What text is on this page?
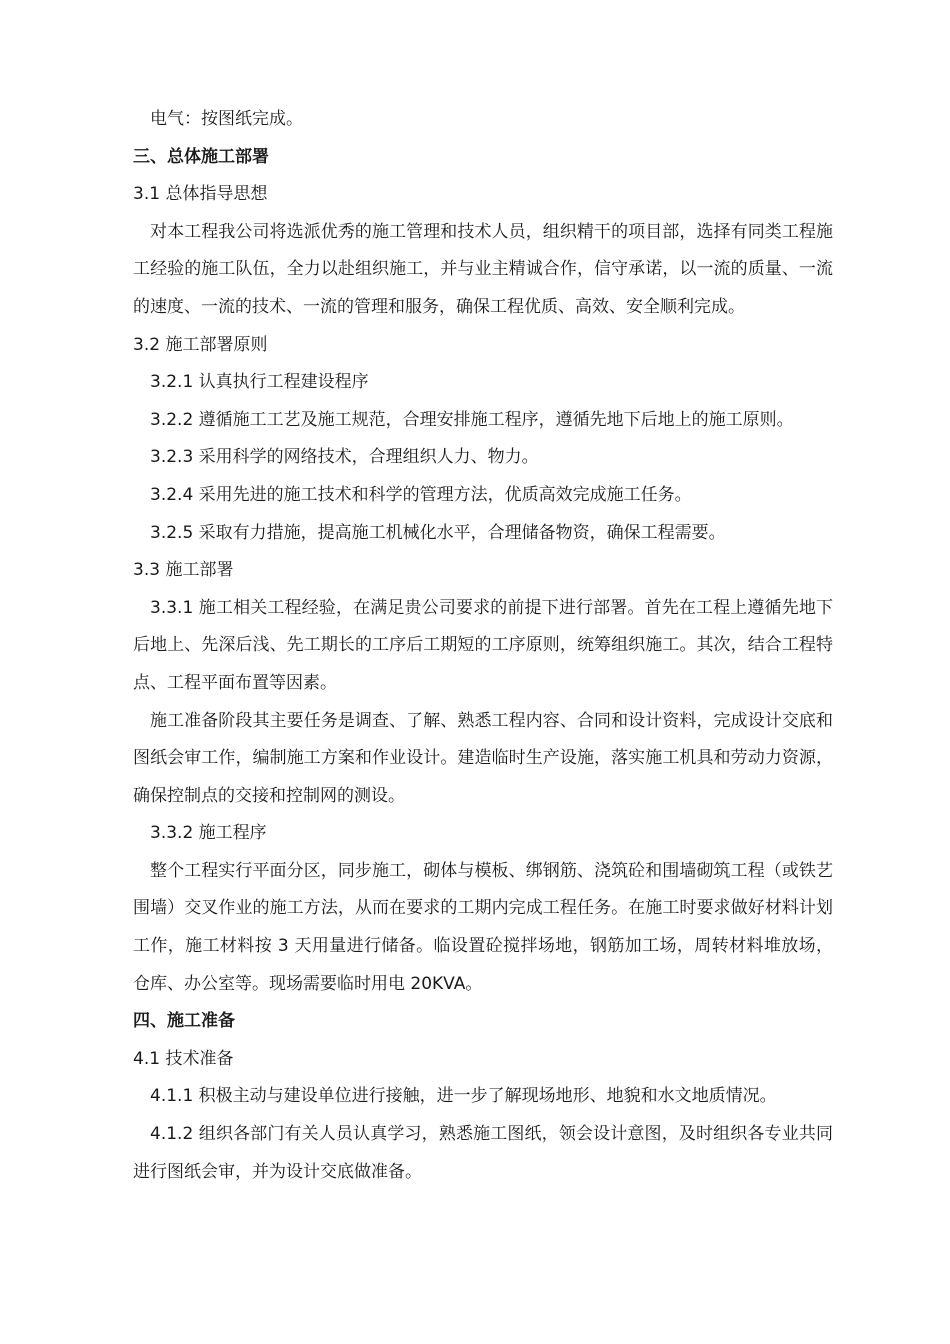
电气：按图纸完成。

三、总体施工部署

3.1 总体指导思想

对本工程我公司将选派优秀的施工管理和技术人员，组织精干的项目部，选择有同类工程施工经验的施工队伍，全力以赴组织施工，并与业主精诚合作，信守承诺，以一流的质量、一流的速度、一流的技术、一流的管理和服务，确保工程优质、高效、安全顺利完成。

3.2 施工部署原则

3.2.1 认真执行工程建设程序

3.2.2 遵循施工工艺及施工规范，合理安排施工程序，遵循先地下后地上的施工原则。

3.2.3 采用科学的网络技术，合理组织人力、物力。

3.2.4 采用先进的施工技术和科学的管理方法，优质高效完成施工任务。

3.2.5 采取有力措施，提高施工机械化水平，合理储备物资，确保工程需要。

3.3 施工部署

3.3.1 施工相关工程经验，在满足贵公司要求的前提下进行部署。首先在工程上遵循先地下后地上、先深后浅、先工期长的工序后工期短的工序原则，统筹组织施工。其次，结合工程特点、工程平面布置等因素。

施工准备阶段其主要任务是调查、了解、熟悉工程内容、合同和设计资料，完成设计交底和图纸会审工作，编制施工方案和作业设计。建造临时生产设施，落实施工机具和劳动力资源，确保控制点的交接和控制网的测设。

3.3.2 施工程序

整个工程实行平面分区，同步施工，砌体与模板、绑钢筋、浇筑砼和围墙砌筑工程（或铁艺围墙）交叉作业的施工方法，从而在要求的工期内完成工程任务。在施工时要求做好材料计划工作，施工材料按 3 天用量进行储备。临设置砼搅拌场地，钢筋加工场，周转材料堆放场，仓库、办公室等。现场需要临时用电 20KVA。

四、施工准备

4.1 技术准备

4.1.1 积极主动与建设单位进行接触，进一步了解现场地形、地貌和水文地质情况。

4.1.2 组织各部门有关人员认真学习，熟悉施工图纸，领会设计意图，及时组织各专业共同进行图纸会审，并为设计交底做准备。
